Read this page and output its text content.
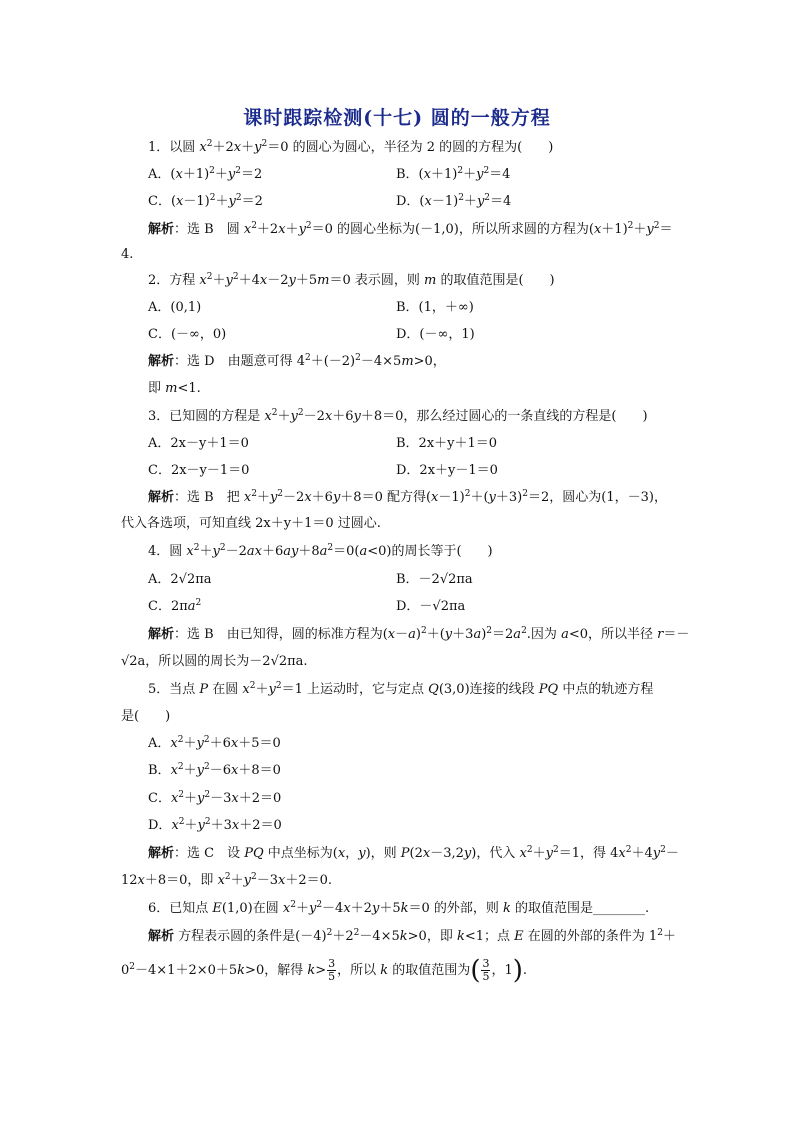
课时跟踪检测(十七) 圆的一般方程
1．以圆 $x^2+2x+y^2=0$ 的圆心为圆心，半径为 2 的圆的方程为(　　)
A．$(x+1)^2+y^2=2$	B．$(x+1)^2+y^2=4$
C．$(x-1)^2+y^2=2$	D．$(x-1)^2+y^2=4$
解析：选 B　圆 $x^2+2x+y^2=0$ 的圆心坐标为(－1,0)，所以所求圆的方程为$(x+1)^2+y^2=$
4.
2．方程 $x^2+y^2+4x-2y+5m=0$ 表示圆，则 m 的取值范围是(　　)
A．(0,1)	B．(1，＋∞)
C．(－∞，0)	D．(－∞，1)
解析：选 D　由题意可得 $4^2+(-2)^2-4\times 5m>0$，
即 m<1.
3．已知圆的方程是 $x^2+y^2-2x+6y+8=0$，那么经过圆心的一条直线的方程是(　　)
A．2x－y＋1＝0	B．2x＋y＋1＝0
C．2x－y－1＝0	D．2x＋y－1＝0
解析：选 B　把 $x^2+y^2-2x+6y+8=0$ 配方得$(x-1)^2+(y+3)^2=2$，圆心为(1，－3)，
代入各选项，可知直线 2x＋y＋1＝0 过圆心.
4．圆 $x^2+y^2-2ax+6ay+8a^2=0(a<0)$的周长等于(　　)
A．2√2πa	B．－2√2πa
C．$2\pi a^2$	D．－√2πa
解析：选 B　由已知得，圆的标准方程为$(x-a)^2+(y+3a)^2=2a^2$.因为 a<0，所以半径 r＝－
√2a，所以圆的周长为－2√2πa.
5．当点 P 在圆 $x^2+y^2=1$ 上运动时，它与定点 Q(3,0)连接的线段 PQ 中点的轨迹方程
是(　　)
A．$x^2+y^2+6x+5=0$
B．$x^2+y^2-6x+8=0$
C．$x^2+y^2-3x+2=0$
D．$x^2+y^2+3x+2=0$
解析：选 C　设 PQ 中点坐标为(x，y)，则 P(2x－3,2y)，代入 $x^2+y^2=1$，得 $4x^2+4y^2-$
12x＋8＝0，即 $x^2+y^2-3x+2=0$.
6．已知点 E(1,0)在圆 $x^2+y^2-4x+2y+5k=0$ 的外部，则 k 的取值范围是________.
解析 方程表示圆的条件是$(-4)^2+2^2-4\times 5k>0$，即 k<1；点 E 在圆的外部的条件为 $1^2+$
$0^2-4\times 1+2\times 0+5k>0$，解得 $k> \frac{3}{5}$ ，所以 k 的取值范围为( $\frac{3}{5}$ ，1).
